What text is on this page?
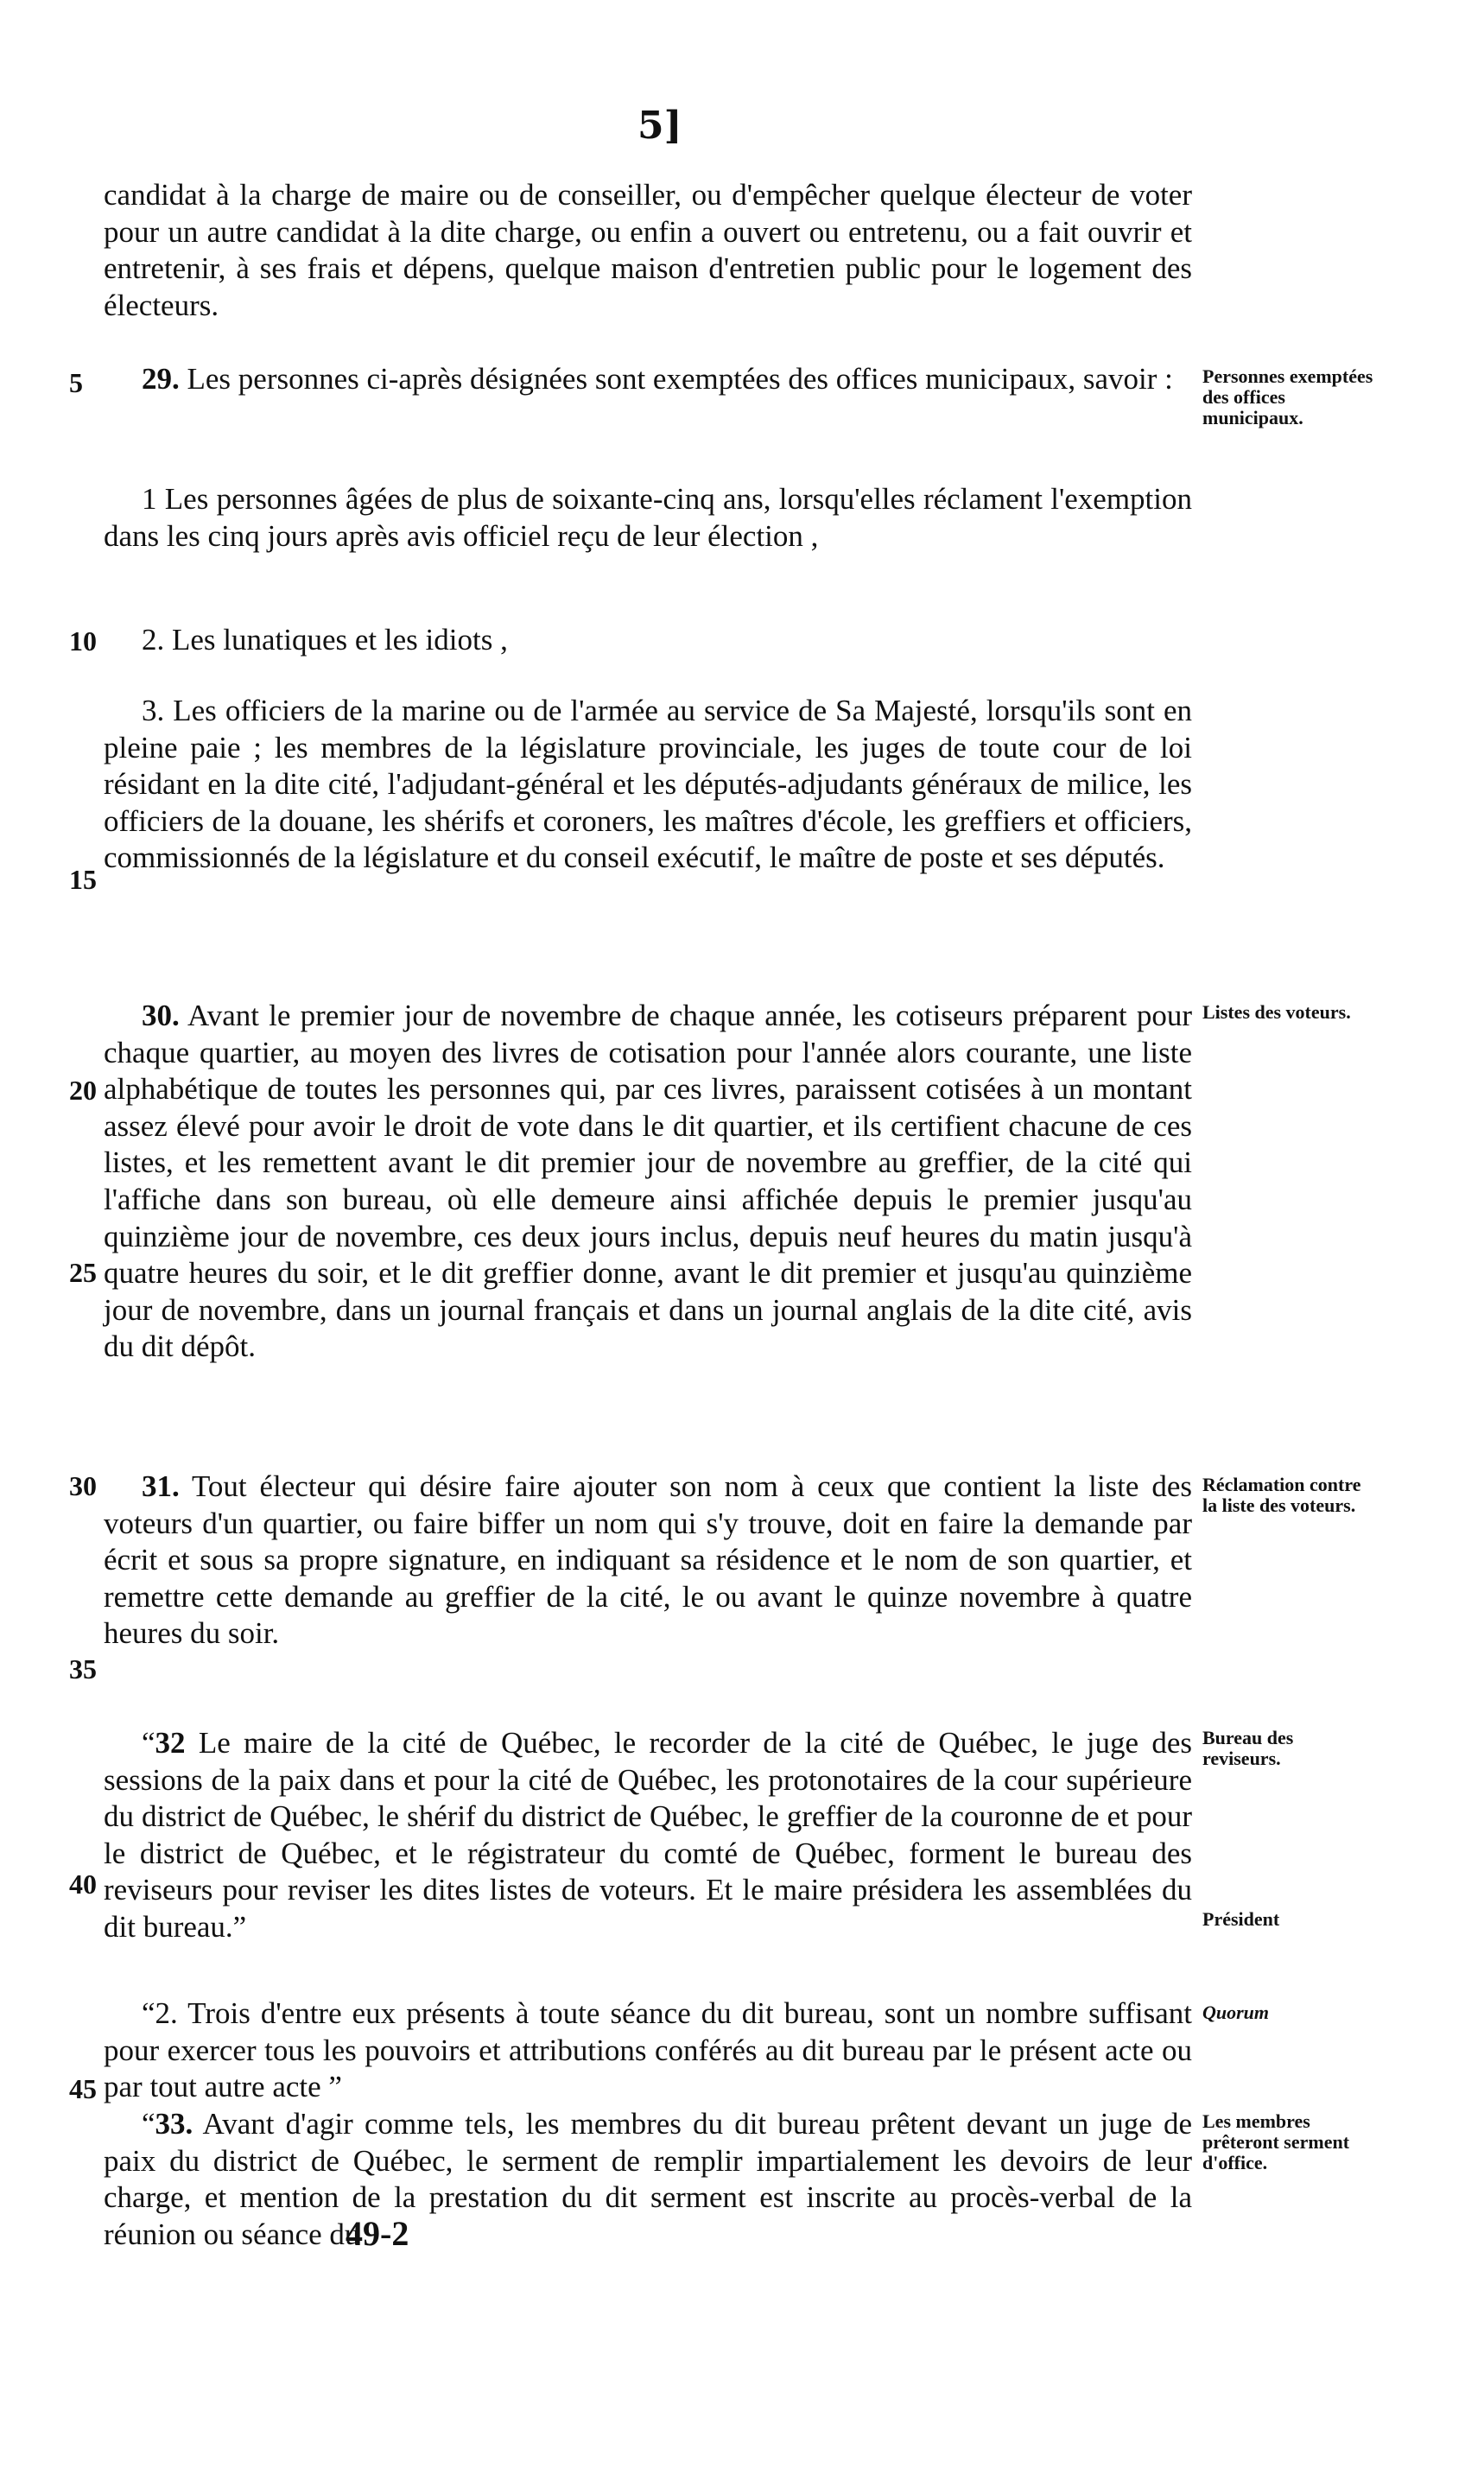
5]
candidat à la charge de maire ou de conseiller, ou d'empêcher quelque électeur de voter pour un autre candidat à la dite charge, ou enfin a ouvert ou entretenu, ou a fait ouvrir et entretenir, à ses frais et dépens, quelque maison d'entretien public pour le logement des électeurs.
29. Les personnes ci-après désignées sont exemptées des offices municipaux, savoir :
1 Les personnes âgées de plus de soixante-cinq ans, lorsqu'elles réclament l'exemption dans les cinq jours après avis officiel reçu de leur élection ,
2. Les lunatiques et les idiots ,
3. Les officiers de la marine ou de l'armée au service de Sa Majesté, lorsqu'ils sont en pleine paie ; les membres de la législature provinciale, les juges de toute cour de loi résidant en la dite cité, l'adjudant-général et les députés-adjudants généraux de milice, les officiers de la douane, les shérifs et coroners, les maîtres d'école, les greffiers et officiers, commissionnés de la législature et du conseil exécutif, le maître de poste et ses députés.
30. Avant le premier jour de novembre de chaque année, les cotiseurs préparent pour chaque quartier, au moyen des livres de cotisation pour l'année alors courante, une liste alphabétique de toutes les personnes qui, par ces livres, paraissent cotisées à un montant assez élevé pour avoir le droit de vote dans le dit quartier, et ils certifient chacune de ces listes, et les remettent avant le dit premier jour de novembre au greffier, de la cité qui l'affiche dans son bureau, où elle demeure ainsi affichée depuis le premier jusqu'au quinzième jour de novembre, ces deux jours inclus, depuis neuf heures du matin jusqu'à quatre heures du soir, et le dit greffier donne, avant le dit premier et jusqu'au quinzième jour de novembre, dans un journal français et dans un journal anglais de la dite cité, avis du dit dépôt.
31. Tout électeur qui désire faire ajouter son nom à ceux que contient la liste des voteurs d'un quartier, ou faire biffer un nom qui s'y trouve, doit en faire la demande par écrit et sous sa propre signature, en indiquant sa résidence et le nom de son quartier, et remettre cette demande au greffier de la cité, le ou avant le quinze novembre à quatre heures du soir.
“32 Le maire de la cité de Québec, le recorder de la cité de Québec, le juge des sessions de la paix dans et pour la cité de Québec, les protonotaires de la cour supérieure du district de Québec, le shérif du district de Québec, le greffier de la couronne de et pour le district de Québec, et le régistrateur du comté de Québec, forment le bureau des reviseurs pour reviser les dites listes de voteurs. Et le maire présidera les assemblées du dit bureau.”
“2. Trois d'entre eux présents à toute séance du dit bureau, sont un nombre suffisant pour exercer tous les pouvoirs et attributions conférés au dit bureau par le présent acte ou par tout autre acte ”
“33. Avant d'agir comme tels, les membres du dit bureau prêtent devant un juge de paix du district de Québec, le serment de remplir impartialement les devoirs de leur charge, et mention de la prestation du dit serment est inscrite au procès-verbal de la réunion ou séance du
5
10
15
20
25
30
35
40
45
Personnes exemptées des offices municipaux.
Listes des voteurs.
Réclamation contre la liste des voteurs.
Bureau des reviseurs.
Président
Quorum
Les membres prêteront serment d'office.
49-2
